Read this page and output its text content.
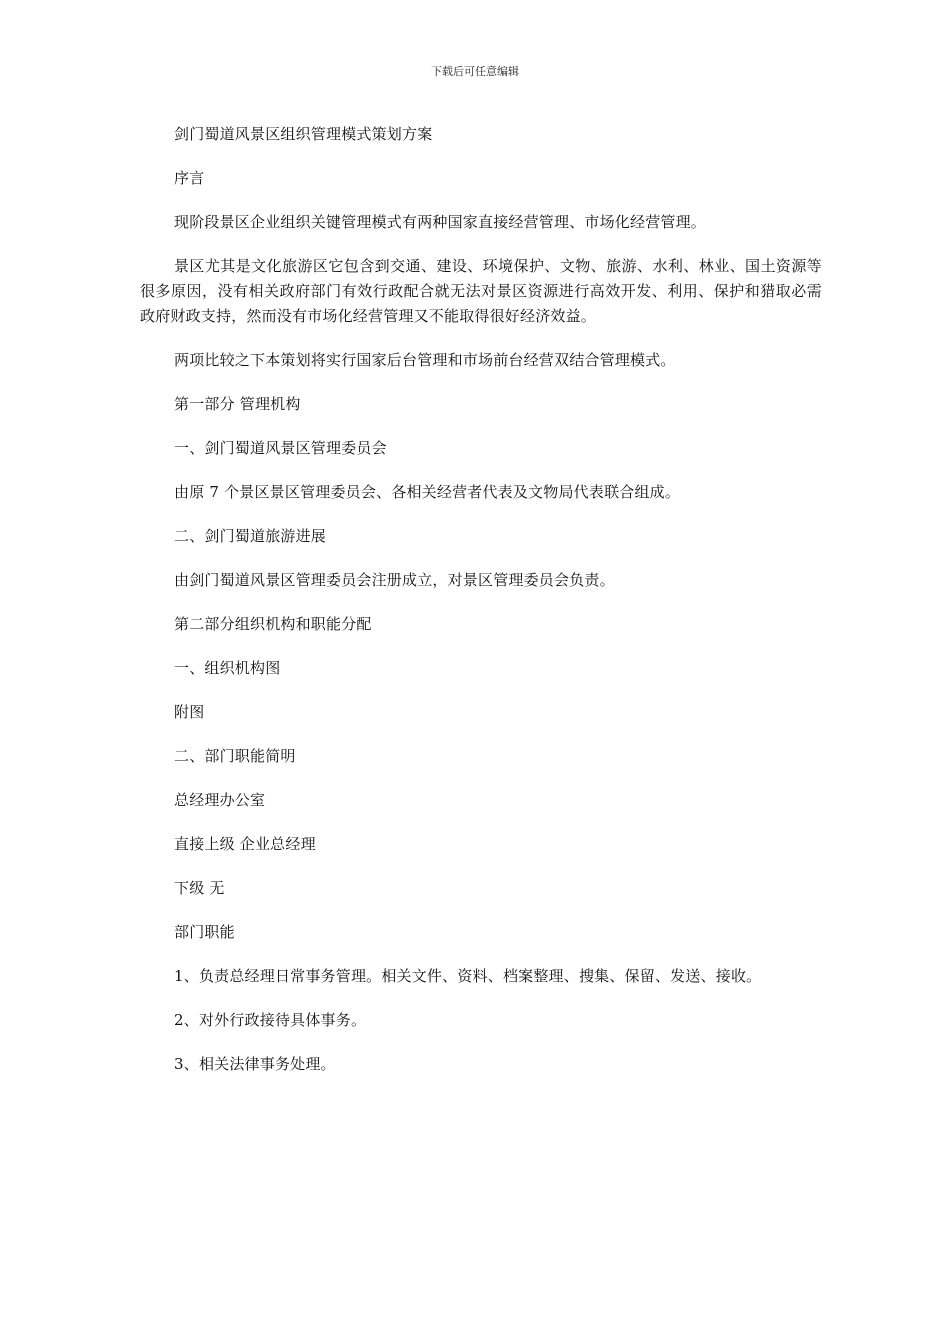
下载后可任意编辑

剑门蜀道风景区组织管理模式策划方案

序言

现阶段景区企业组织关键管理模式有两种国家直接经营管理、市场化经营管理。

景区尤其是文化旅游区它包含到交通、建设、环境保护、文物、旅游、水利、林业、国土资源等很多原因，没有相关政府部门有效行政配合就无法对景区资源进行高效开发、利用、保护和猎取必需政府财政支持，然而没有市场化经营管理又不能取得很好经济效益。

两项比较之下本策划将实行国家后台管理和市场前台经营双结合管理模式。

第一部分 管理机构

一、剑门蜀道风景区管理委员会

由原 7 个景区景区管理委员会、各相关经营者代表及文物局代表联合组成。

二、剑门蜀道旅游进展

由剑门蜀道风景区管理委员会注册成立，对景区管理委员会负责。

第二部分组织机构和职能分配

一、组织机构图

附图

二、部门职能简明

总经理办公室

直接上级 企业总经理

下级 无

部门职能

1、负责总经理日常事务管理。相关文件、资料、档案整理、搜集、保留、发送、接收。

2、对外行政接待具体事务。

3、相关法律事务处理。
